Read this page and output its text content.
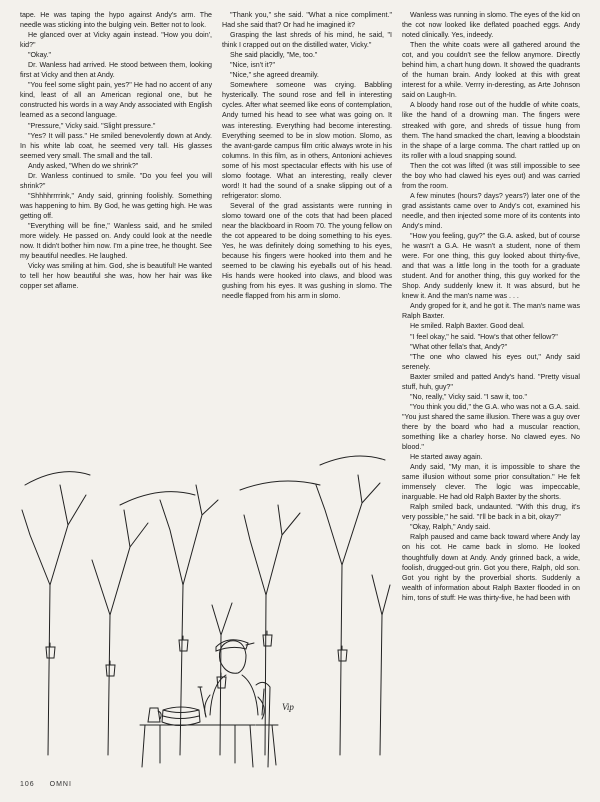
tape. He was taping the hypo against Andy's arm. The needle was sticking into the bulging vein. Better not to look.

He glanced over at Vicky again instead. "How you doin', kid?"

"Okay."

Dr. Wanless had arrived. He stood between them, looking first at Vicky and then at Andy.

"You feel some slight pain, yes?" He had no accent of any kind, least of all an American regional one, but he constructed his words in a way Andy associated with English learned as a second language.

"Pressure," Vicky said. "Slight pressure."

"Yes? It will pass." He smiled benevolently down at Andy. In his white lab coat, he seemed very tall. His glasses seemed very small. The small and the tall.

Andy asked, "When do we shrink?"

Dr. Wanless continued to smile. "Do you feel you will shrink?"

"Shhhhrrrrink," Andy said, grinning foolishly. Something was happening to him. By God, he was getting high. He was getting off.

"Everything will be fine," Wanless said, and he smiled more widely. He passed on. Andy could look at the needle now. It didn't bother him now. I'm a pine tree, he thought. See my beautiful needles. He laughed.

Vicky was smiling at him. God, she is beautiful! He wanted to tell her how beautiful she was, how her hair was like copper set aflame.

"Thank you," she said. "What a nice compliment." Had she said that? Or had he imagined it?

Grasping the last shreds of his mind, he said, "I think I crapped out on the distilled water, Vicky."

She said placidly, "Me, too."

"Nice, isn't it?"

"Nice," she agreed dreamily.

Somewhere someone was crying. Babbling hysterically. The sound rose and fell in interesting cycles. After what seemed like eons of contemplation, Andy turned his head to see what was going on. It was interesting. Everything had become interesting. Everything seemed to be in slow motion. Slomo, as the avant-garde campus film critic always wrote in his columns. In this film, as in others, Antonioni achieves some of his most spectacular effects with his use of slomo footage. What an interesting, really clever word! It had the sound of a snake slipping out of a refrigerator: slomo.

Several of the grad assistants were running in slomo toward one of the cots that had been placed near the blackboard in Room 70. The young fellow on the cot appeared to be doing something to his eyes. Yes, he was definitely doing something to his eyes, because his fingers were hooked into them and he seemed to be clawing his eyeballs out of his head. His hands were hooked into claws, and blood was gushing from his eyes. It was gushing in slomo. The needle flapped from his arm in slomo.

Wanless was running in slomo. The eyes of the kid on the cot now looked like deflated poached eggs. Andy noted clinically. Yes, indeedy.

Then the white coats were all gathered around the cot, and you couldn't see the fellow anymore. Directly behind him, a chart hung down. It showed the quadrants of the human brain. Andy looked at this with great interest for a while. Verrry in-deresting, as Arte Johnson said on Laugh-In.

A bloody hand rose out of the huddle of white coats, like the hand of a drowning man. The fingers were streaked with gore, and shreds of tissue hung from them. The hand smacked the chart, leaving a bloodstain in the shape of a large comma. The chart rattled up on its roller with a loud snapping sound.

Then the cot was lifted (it was still impossible to see the boy who had clawed his eyes out) and was carried from the room.

A few minutes (hours? days? years?) later one of the grad assistants came over to Andy's cot, examined his needle, and then injected some more of its contents into Andy's mind.

"How you feeling, guy?" the G.A. asked, but of course he wasn't a G.A. He wasn't a student, none of them were. For one thing, this guy looked about thirty-five, and that was a little long in the tooth for a graduate student. And for another thing, this guy worked for the Shop. Andy suddenly knew it. It was absurd, but he knew it. And the man's name was . . .

Andy groped for it, and he got it. The man's name was Ralph Baxter.

He smiled. Ralph Baxter. Good deal.

"I feel okay," he said. "How's that other fellow?"

"What other fella's that, Andy?"

"The one who clawed his eyes out," Andy said serenely.

Baxter smiled and patted Andy's hand. "Pretty visual stuff, huh, guy?"

"No, really," Vicky said. "I saw it, too."

"You think you did," the G.A. who was not a G.A. said. "You just shared the same illusion. There was a guy over there by the board who had a muscular reaction, something like a charley horse. No clawed eyes. No blood."

He started away again.

Andy said, "My man, it is impossible to share the same illusion without some prior consultation." He felt immensely clever. The logic was impeccable, inarguable. He had old Ralph Baxter by the shorts.

Ralph smiled back, undaunted. "With this drug, it's very possible," he said. "I'll be back in a bit, okay?"

"Okay, Ralph," Andy said.

Ralph paused and came back toward where Andy lay on his cot. He came back in slomo. He looked thoughtfully down at Andy. Andy grinned back, a wide, foolish, drugged-out grin. Got you there, Ralph, old son. Got you right by the proverbial shorts. Suddenly a wealth of information about Ralph Baxter flooded in on him, tons of stuff: He was thirty-five, he had been with

Vip
106 OMNI
